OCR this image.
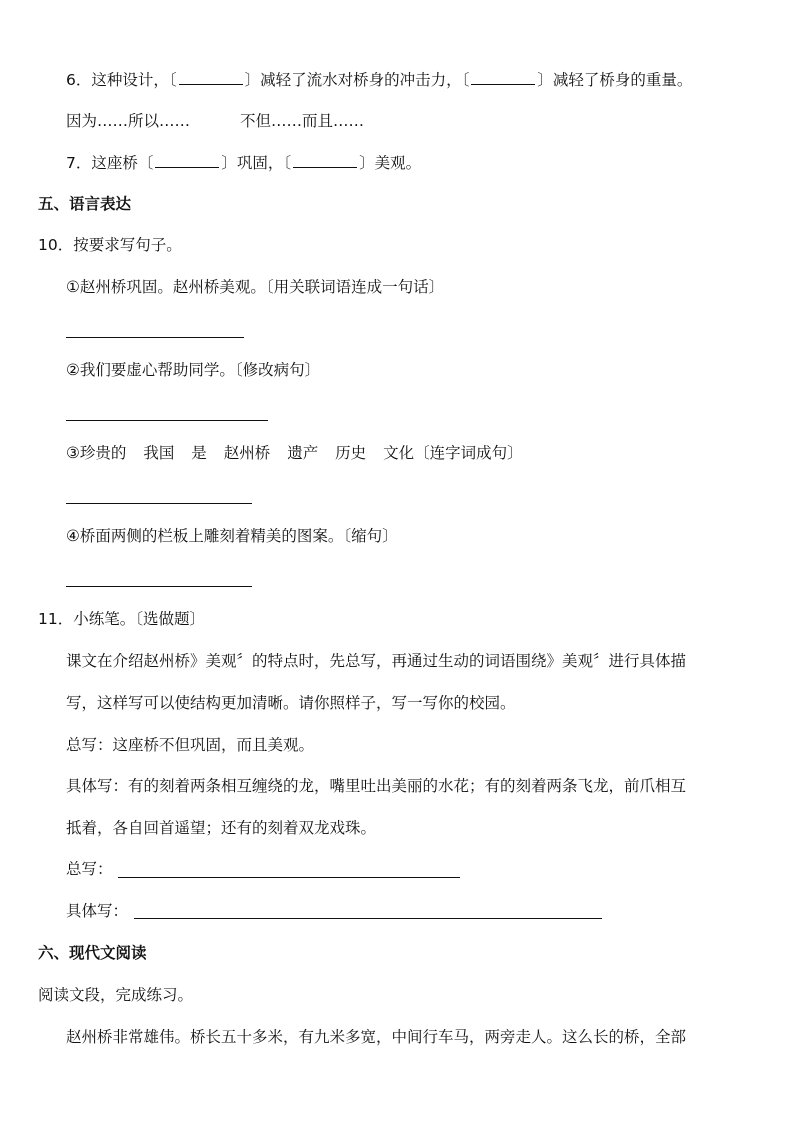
6．这种设计，〔	〕减轻了流水对桥身的冲击力，〔	〕减轻了桥身的重量。
因为……所以……	不但……而且……
7．这座桥〔	〕巩固，〔	〕美观。
五、语言表达
10．按要求写句子。
①赵州桥巩固。赵州桥美观。〔用关联词语连成一句话〕
②我们要虚心帮助同学。〔修改病句〕
③珍贵的 我国 是 赵州桥 遗产 历史 文化〔连字词成句〕
④桥面两侧的栏板上雕刻着精美的图案。〔缩句〕
11．小练笔。〔选做题〕
课文在介绍赵州桥》美观〞的特点时，先总写，再通过生动的词语围绕》美观〞进行具体描
写，这样写可以使结构更加清晰。请你照样子，写一写你的校园。
总写：这座桥不但巩固，而且美观。
具体写：有的刻着两条相互缠绕的龙，嘴里吐出美丽的水花；有的刻着两条飞龙，前爪相互
抵着，各自回首遥望；还有的刻着双龙戏珠。
总写：
具体写：
六、现代文阅读
阅读文段，完成练习。
赵州桥非常雄伟。桥长五十多米，有九米多宽，中间行车马，两旁走人。这么长的桥，全部
